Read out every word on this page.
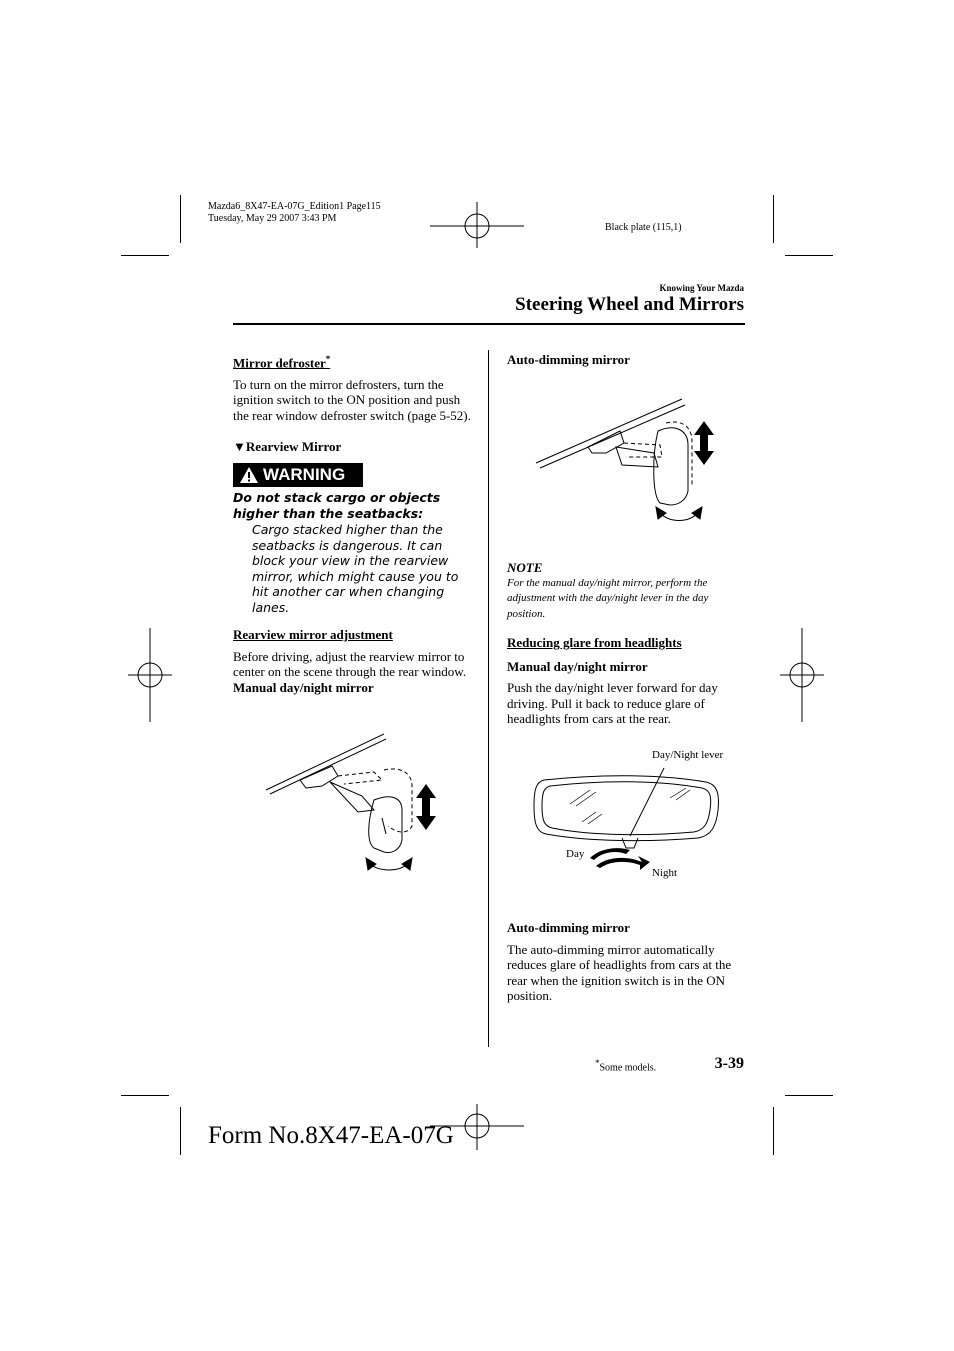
Mazda6_8X47-EA-07G_Edition1 Page115
Tuesday, May 29 2007 3:43 PM
Black plate (115,1)
Knowing Your Mazda
Steering Wheel and Mirrors
Mirror defroster*

To turn on the mirror defrosters, turn the ignition switch to the ON position and push the rear window defroster switch (page 5-52).

▼Rearview Mirror
WARNING
Do not stack cargo or objects higher than the seatbacks:
Cargo stacked higher than the seatbacks is dangerous. It can block your view in the rearview mirror, which might cause you to hit another car when changing lanes.
Rearview mirror adjustment

Before driving, adjust the rearview mirror to center on the scene through the rear window.

Manual day/night mirror
Auto-dimming mirror
NOTE
For the manual day/night mirror, perform the adjustment with the day/night lever in the day position.
Reducing glare from headlights
Manual day/night mirror

Push the day/night lever forward for day driving. Pull it back to reduce glare of headlights from cars at the rear.

Day/Night lever
Day
Night
Auto-dimming mirror

The auto-dimming mirror automatically reduces glare of headlights from cars at the rear when the ignition switch is in the ON position.

*Some models.	3-39
Form No.8X47-EA-07G
